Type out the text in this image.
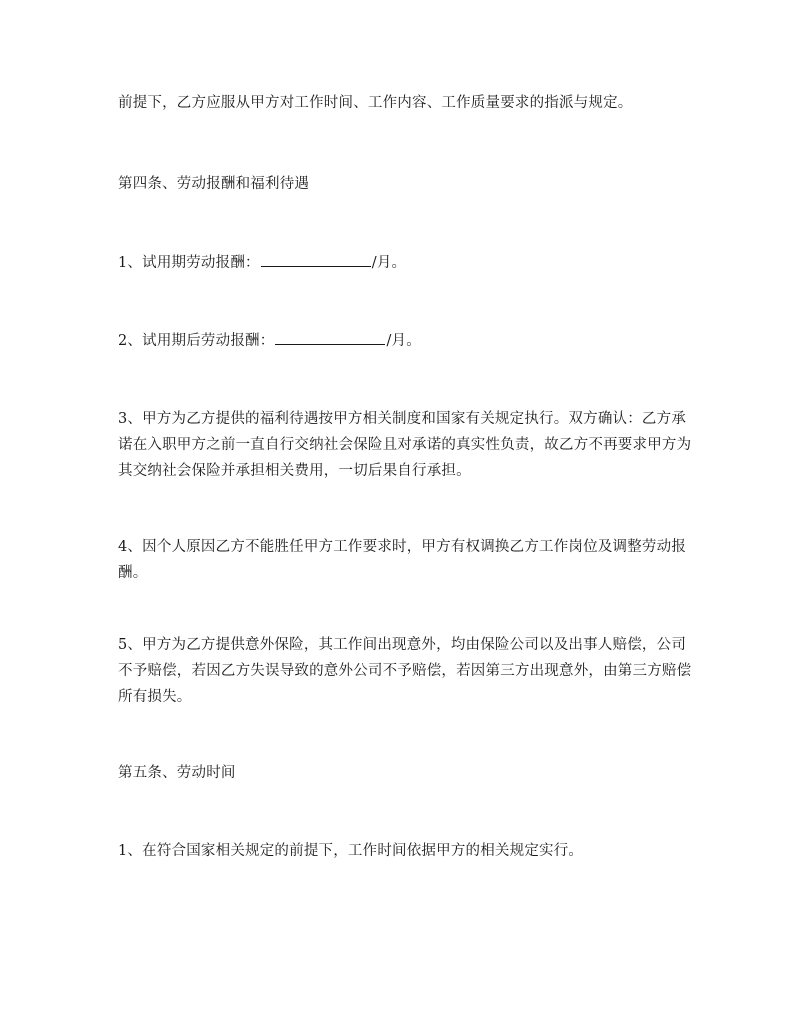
前提下，乙方应服从甲方对工作时间、工作内容、工作质量要求的指派与规定。

第四条、劳动报酬和福利待遇

1、试用期劳动报酬：	/月。

2、试用期后劳动报酬：	/月。

3、甲方为乙方提供的福利待遇按甲方相关制度和国家有关规定执行。双方确认：乙方承诺在入职甲方之前一直自行交纳社会保险且对承诺的真实性负责，故乙方不再要求甲方为其交纳社会保险并承担相关费用，一切后果自行承担。

4、因个人原因乙方不能胜任甲方工作要求时，甲方有权调换乙方工作岗位及调整劳动报酬。

5、甲方为乙方提供意外保险，其工作间出现意外，均由保险公司以及出事人赔偿，公司不予赔偿，若因乙方失误导致的意外公司不予赔偿，若因第三方出现意外，由第三方赔偿所有损失。

第五条、劳动时间

1、在符合国家相关规定的前提下，工作时间依据甲方的相关规定实行。
